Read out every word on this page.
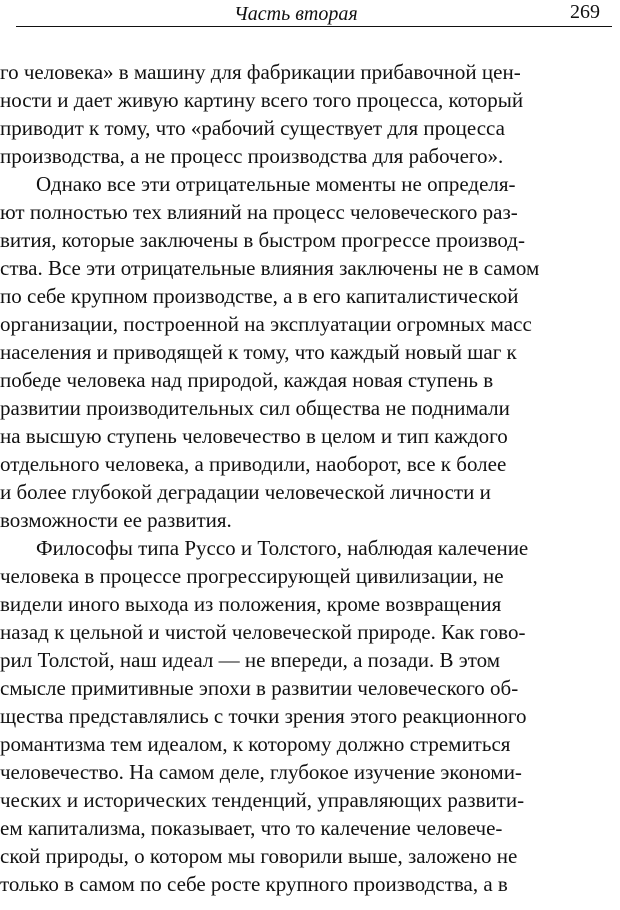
Часть вторая	269
го человека» в машину для фабрикации прибавочной цен-
ности и дает живую картину всего того процесса, который
приводит к тому, что «рабочий существует для процесса
производства, а не процесс производства для рабочего».
Однако все эти отрицательные моменты не определя-
ют полностью тех влияний на процесс человеческого раз-
вития, которые заключены в быстром прогрессе производ-
ства. Все эти отрицательные влияния заключены не в самом
по себе крупном производстве, а в его капиталистической
организации, построенной на эксплуатации огромных масс
населения и приводящей к тому, что каждый новый шаг к
победе человека над природой, каждая новая ступень в
развитии производительных сил общества не поднимали
на высшую ступень человечество в целом и тип каждого
отдельного человека, а приводили, наоборот, все к более
и более глубокой деградации человеческой личности и
возможности ее развития.
Философы типа Руссо и Толстого, наблюдая калечение
человека в процессе прогрессирующей цивилизации, не
видели иного выхода из положения, кроме возвращения
назад к цельной и чистой человеческой природе. Как гово-
рил Толстой, наш идеал — не впереди, а позади. В этом
смысле примитивные эпохи в развитии человеческого об-
щества представлялись с точки зрения этого реакционного
романтизма тем идеалом, к которому должно стремиться
человечество. На самом деле, глубокое изучение экономи-
ческих и исторических тенденций, управляющих развити-
ем капитализма, показывает, что то калечение человече-
ской природы, о котором мы говорили выше, заложено не
только в самом по себе росте крупного производства, а в
